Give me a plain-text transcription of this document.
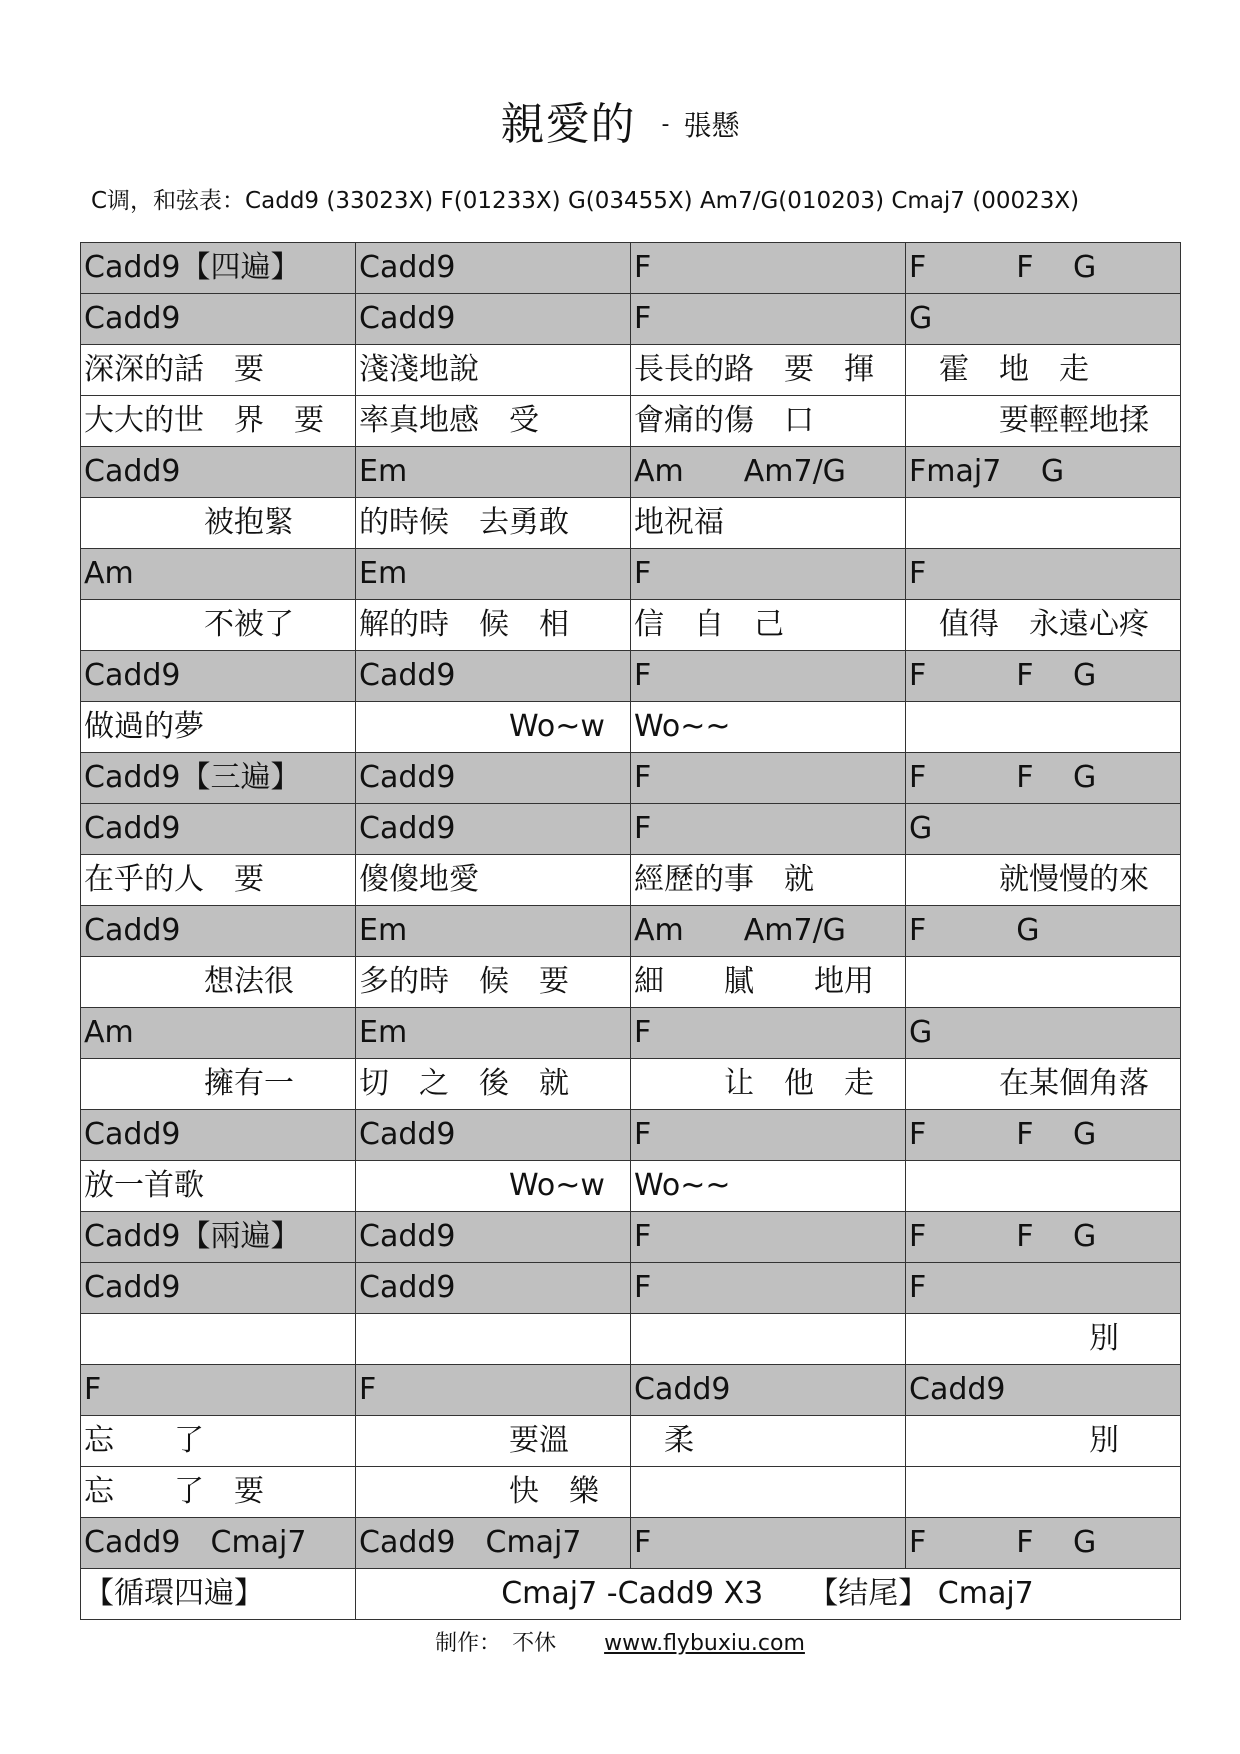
親愛的 - 張懸
C调，和弦表：Cadd9 (33023X) F(01233X) G(03455X) Am7/G(010203) Cmaj7 (00023X)
Cadd9【四遍】	Cadd9	F	F　　　F　 G
Cadd9	Cadd9	F	G
深深的話　要	淺淺地說	長長的路　要　揮	　霍　地　走
大大的世　界　要	率真地感　受	會痛的傷　口	　　　要輕輕地揉
Cadd9	Em	Am　　Am7/G	Fmaj7　 G
　　　　被抱緊	的時候　去勇敢	地祝福	
Am	Em	F	F
　　　　不被了	解的時　候　相	信　自　己	　值得　永遠心疼
Cadd9	Cadd9	F	F　　　F　 G
做過的夢	　　　　　Wo~w	Wo~~	
Cadd9【三遍】	Cadd9	F	F　　　F　 G
Cadd9	Cadd9	F	G
在乎的人　要	傻傻地愛	經歷的事　就	　　　就慢慢的來
Cadd9	Em	Am　　Am7/G	F　　　G
　　　　想法很	多的時　候　要	細　　膩　　地用	
Am	Em	F	G
　　　　擁有一	切　之　後　就	　　　让　他　走	　　　在某個角落
Cadd9	Cadd9	F	F　　　F　 G
放一首歌	　　　　　Wo~w	Wo~~	
Cadd9【兩遍】	Cadd9	F	F　　　F　 G
Cadd9	Cadd9	F	F
			　　　　　　別
F	F	Cadd9	Cadd9
忘　　了	　　　　　要溫	　柔	　　　　　　別
忘　　了　要	　　　　　快　樂		
Cadd9　Cmaj7	Cadd9　Cmaj7	F	F　　　F　 G
【循環四遍】	Cmaj7 -Cadd9 X3　　【结尾】 Cmaj7		
制作：　不休 www.flybuxiu.com
